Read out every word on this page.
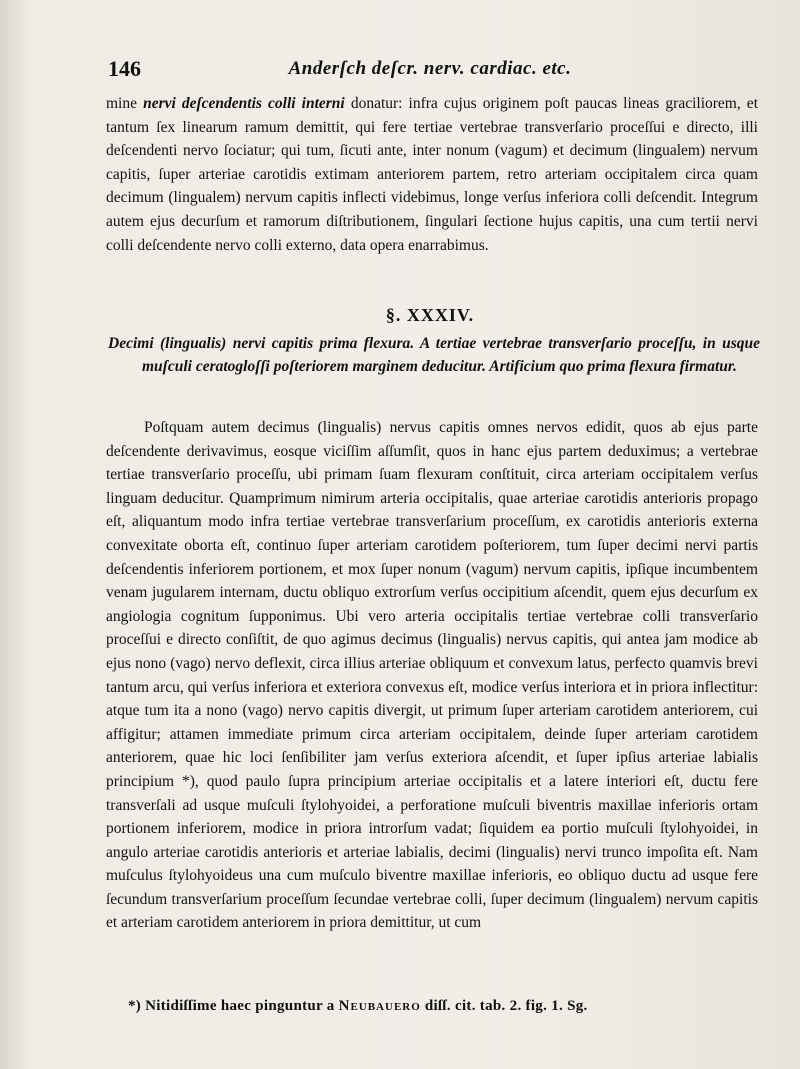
146	Anderſch deſcr. nerv. cardiac. etc.

mine nervi deſcendentis colli interni donatur: infra cujus originem poſt paucas lineas graciliorem, et tantum ſex linearum ramum demittit, qui fere tertiae vertebrae transverſario proceſſui e directo, illi deſcendenti nervo ſociatur; qui tum, ſicuti ante, inter nonum (vagum) et decimum (lingualem) nervum capitis, ſuper arteriae carotidis extimam anteriorem partem, retro arteriam occipitalem circa quam decimum (lingualem) nervum capitis inflecti videbimus, longe verſus inferiora colli deſcendit. Integrum autem ejus decurſum et ramorum diſtributionem, ſingulari ſectione hujus capitis, una cum tertii nervi colli deſcendente nervo colli externo, data opera enarrabimus.

§. XXXIV.

Decimi (lingualis) nervi capitis prima flexura. A tertiae vertebrae transverſario proceſſu, in usque muſculi ceratogloſſi poſteriorem marginem deducitur. Artificium quo prima flexura firmatur.

Poſtquam autem decimus (lingualis) nervus capitis omnes nervos edidit, quos ab ejus parte deſcendente derivavimus, eosque viciſſim aſſumſit, quos in hanc ejus partem deduximus; a vertebrae tertiae transverſario proceſſu, ubi primam ſuam flexuram conſtituit, circa arteriam occipitalem verſus linguam deducitur. Quamprimum nimirum arteria occipitalis, quae arteriae carotidis anterioris propago eſt, aliquantum modo infra tertiae vertebrae transverſarium proceſſum, ex carotidis anterioris externa convexitate oborta eſt, continuo ſuper arteriam carotidem poſteriorem, tum ſuper decimi nervi partis deſcendentis inferiorem portionem, et mox ſuper nonum (vagum) nervum capitis, ipſique incumbentem venam jugularem internam, ductu obliquo extrorſum verſus occipitium aſcendit, quem ejus decurſum ex angiologia cognitum ſupponimus. Ubi vero arteria occipitalis tertiae vertebrae colli transverſario proceſſui e directo conſiſtit, de quo agimus decimus (lingualis) nervus capitis, qui antea jam modice ab ejus nono (vago) nervo deflexit, circa illius arteriae obliquum et convexum latus, perfecto quamvis brevi tantum arcu, qui verſus inferiora et exteriora convexus eſt, modice verſus interiora et in priora inflectitur: atque tum ita a nono (vago) nervo capitis divergit, ut primum ſuper arteriam carotidem anteriorem, cui affigitur; attamen immediate primum circa arteriam occipitalem, deinde ſuper arteriam carotidem anteriorem, quae hic loci ſenſibiliter jam verſus exteriora aſcendit, et ſuper ipſius arteriae labialis principium *), quod paulo ſupra principium arteriae occipitalis et a latere interiori eſt, ductu fere transverſali ad usque muſculi ſtylohyoidei, a perforatione muſculi biventris maxillae inferioris ortam portionem inferiorem, modice in priora introrſum vadat; ſiquidem ea portio muſculi ſtylohyoidei, in angulo arteriae carotidis anterioris et arteriae labialis, decimi (lingualis) nervi trunco impoſita eſt. Nam muſculus ſtylohyoideus una cum muſculo biventre maxillae inferioris, eo obliquo ductu ad usque fere ſecundum transverſarium proceſſum ſecundae vertebrae colli, ſuper decimum (lingualem) nervum capitis et arteriam carotidem anteriorem in priora demittitur, ut cum

*) Nitidiſſime haec pinguntur a Neubauero diſſ. cit. tab. 2. fig. 1. Sg.
